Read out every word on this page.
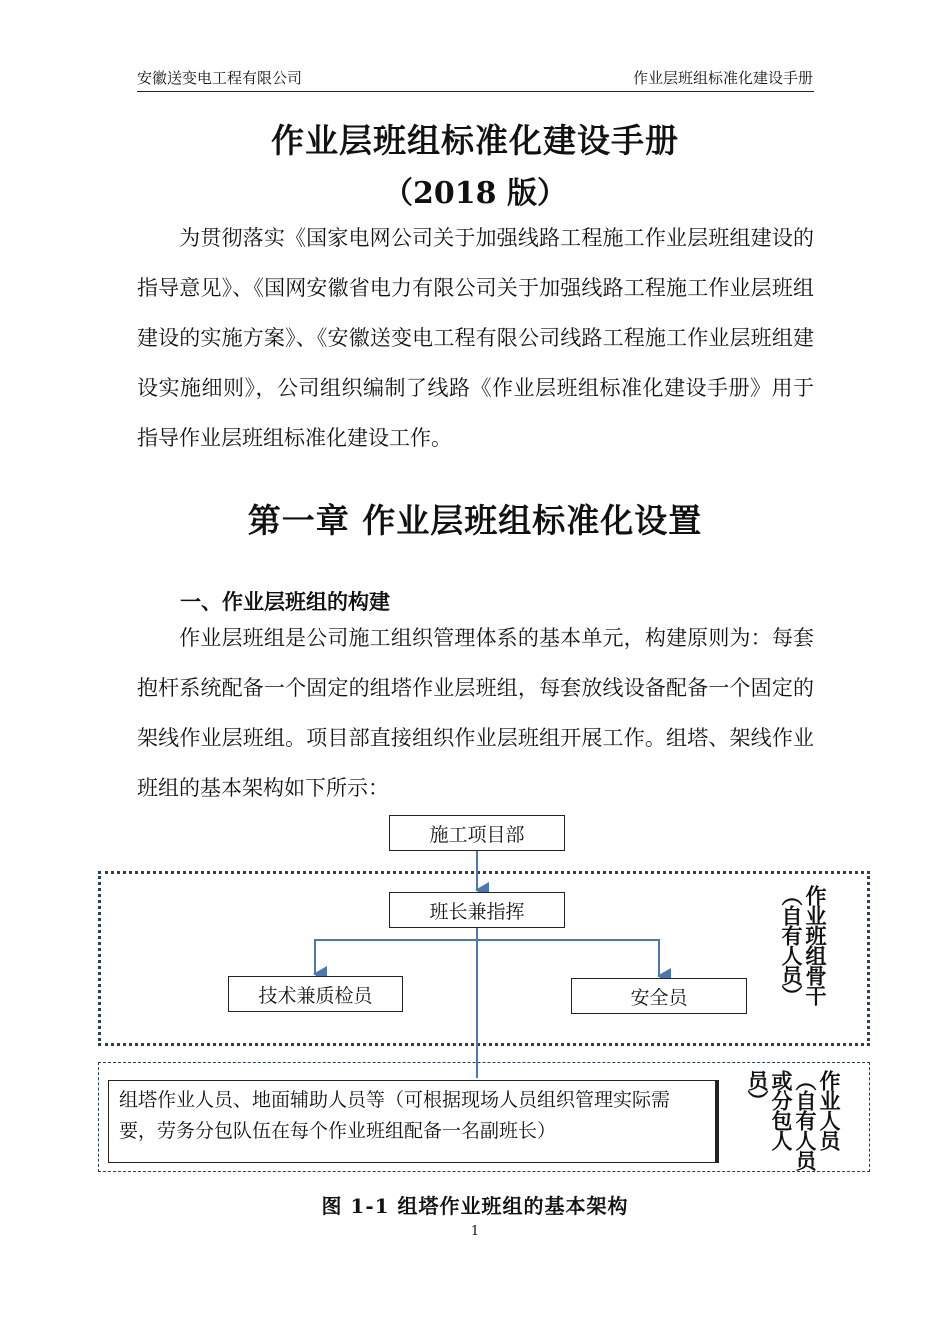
安徽送变电工程有限公司	作业层班组标准化建设手册
作业层班组标准化建设手册
（2018 版）
为贯彻落实《国家电网公司关于加强线路工程施工作业层班组建设的指导意见》、《国网安徽省电力有限公司关于加强线路工程施工作业层班组建设的实施方案》、《安徽送变电工程有限公司线路工程施工作业层班组建设实施细则》，公司组织编制了线路《作业层班组标准化建设手册》用于指导作业层班组标准化建设工作。
第一章 作业层班组标准化设置
一、作业层班组的构建
作业层班组是公司施工组织管理体系的基本单元，构建原则为：每套抱杆系统配备一个固定的组塔作业层班组，每套放线设备配备一个固定的架线作业层班组。项目部直接组织作业层班组开展工作。组塔、架线作业班组的基本架构如下所示：
施工项目部
班长兼指挥
技术兼质检员	安全员
组塔作业人员、地面辅助人员等（可根据现场人员组织管理实际需要，劳务分包队伍在每个作业班组配备一名副班长）
作业班组骨干（自有人员）
作业人员（自有人员或分包人员）
图 1-1 组塔作业班组的基本架构
1
